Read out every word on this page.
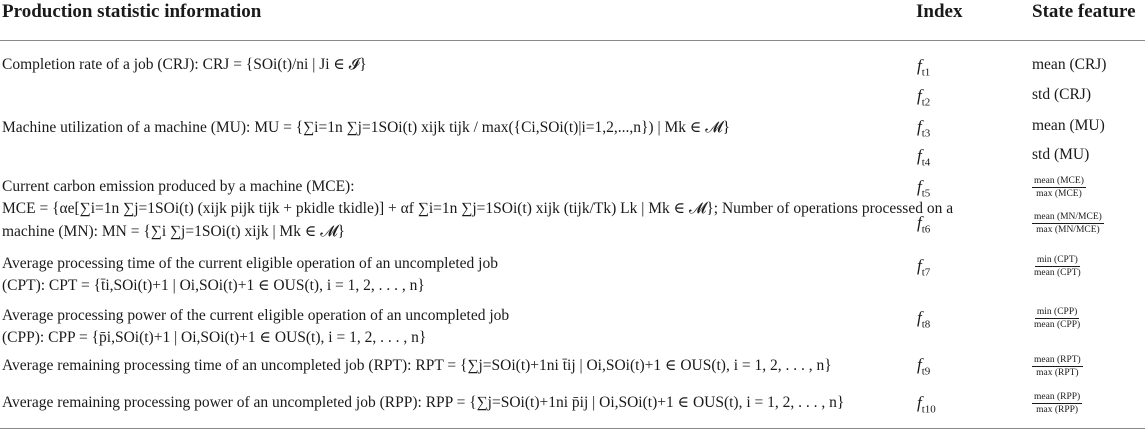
Production statistic information	Index	State feature
Completion rate of a job (CRJ): CRJ = {SOi(t)/ni | Ji ∈ 𝓘}
Machine utilization of a machine (MU): MU = {∑i=1n ∑j=1SOi(t) xijk tijk / max({Ci,SOi(t)|i=1,2,...,n}) | Mk ∈ 𝓜}
Current carbon emission produced by a machine (MCE):
MCE = {αe[∑i=1n ∑j=1SOi(t) (xijk pijk tijk + pkidle tkidle)] + αf ∑i=1n ∑j=1SOi(t) xijk (tijk/Tk) Lk | Mk ∈ 𝓜}; Number of operations processed on a
machine (MN): MN = {∑i ∑j=1SOi(t) xijk | Mk ∈ 𝓜}
Average processing time of the current eligible operation of an uncompleted job
(CPT): CPT = {t̄i,SOi(t)+1 | Oi,SOi(t)+1 ∈ OUS(t), i = 1, 2, . . . , n}
Average processing power of the current eligible operation of an uncompleted job
(CPP): CPP = {p̄i,SOi(t)+1 | Oi,SOi(t)+1 ∈ OUS(t), i = 1, 2, . . . , n}
Average remaining processing time of an uncompleted job (RPT): RPT = {∑j=SOi(t)+1ni t̄ij | Oi,SOi(t)+1 ∈ OUS(t), i = 1, 2, . . . , n}
Average remaining processing power of an uncompleted job (RPP): RPP = {∑j=SOi(t)+1ni p̄ij | Oi,SOi(t)+1 ∈ OUS(t), i = 1, 2, . . . , n}
$f_{t1}$
$f_{t2}$
$f_{t3}$
$f_{t4}$
$f_{t5}$
$f_{t6}$
$f_{t7}$
$f_{t8}$
$f_{t9}$
$f_{t10}$
mean (CRJ)
std (CRJ)
mean (MU)
std (MU)
$\frac{\text{mean (MCE)}}{\text{max (MCE)}}$
$\frac{\text{mean (MN/MCE)}}{\text{max (MN/MCE)}}$
$\frac{\text{min (CPT)}}{\text{mean (CPT)}}$
$\frac{\text{min (CPP)}}{\text{mean (CPP)}}$
$\frac{\text{mean (RPT)}}{\text{max (RPT)}}$
$\frac{\text{mean (RPP)}}{\text{max (RPP)}}$
